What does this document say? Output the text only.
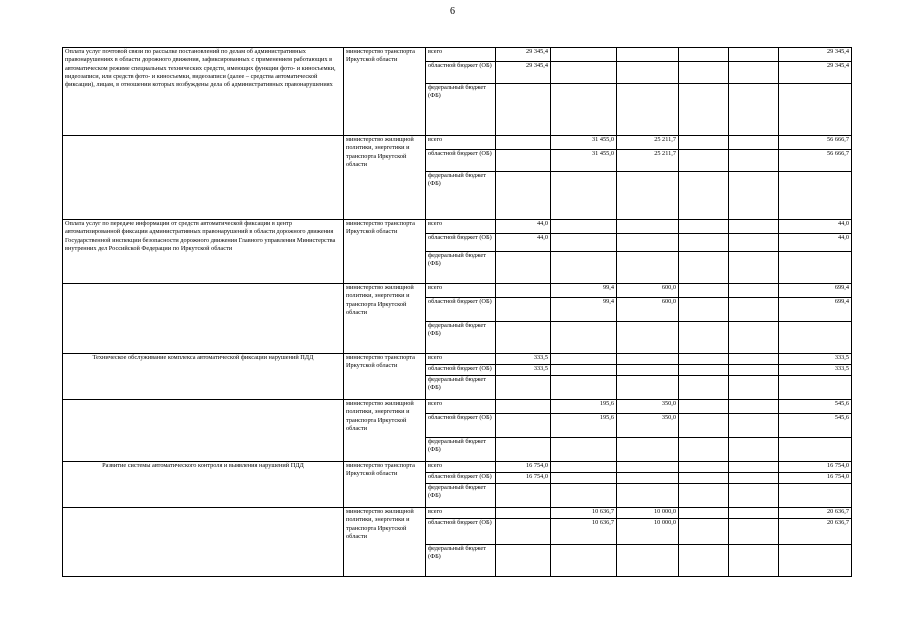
6
Оплата услуг почтовой связи по рассылке постановлений по делам об административных правонарушениях в области дорожного движения, зафиксированных с применением работающих в автоматическом режиме специальных технических средств, имеющих функции фото- и киносъемки, видеозаписи, или средств фото- и киносъемки, видеозаписи (далее – средства автоматической фиксации), лицам, в отношении которых возбуждены дела об административных правонарушениях	министерство транспорта Иркутской области	всего	29 345,4					29 345,4
		областной бюджет (ОБ)	29 345,4					29 345,4
		федеральный бюджет (ФБ)						
	министерство жилищной политики, энергетики и транспорта Иркутской области	всего		31 455,0	25 211,7			56 666,7
		областной бюджет (ОБ)		31 455,0	25 211,7			56 666,7
		федеральный бюджет (ФБ)						
Оплата услуг по передаче информации от средств автоматической фиксации в центр автоматизированной фиксации административных правонарушений в области дорожного движения Государственной инспекции безопасности дорожного движения Главного управления Министерства внутренних дел Российской Федерации по Иркутской области	министерство транспорта Иркутской области	всего	44,0					44,0
		областной бюджет (ОБ)	44,0					44,0
		федеральный бюджет (ФБ)						
	министерство жилищной политики, энергетики и транспорта Иркутской области	всего		99,4	600,0			699,4
		областной бюджет (ОБ)		99,4	600,0			699,4
		федеральный бюджет (ФБ)						
Техническое обслуживание комплекса автоматической фиксации нарушений ПДД	министерство транспорта Иркутской области	всего	333,5					333,5
		областной бюджет (ОБ)	333,5					333,5
		федеральный бюджет (ФБ)						
	министерство жилищной политики, энергетики и транспорта Иркутской области	всего		195,6	350,0			545,6
		областной бюджет (ОБ)		195,6	350,0			545,6
		федеральный бюджет (ФБ)						
Развитие системы автоматического контроля и выявления нарушений ПДД	министерство транспорта Иркутской области	всего	16 754,0					16 754,0
		областной бюджет (ОБ)	16 754,0					16 754,0
		федеральный бюджет (ФБ)						
	министерство жилищной политики, энергетики и транспорта Иркутской области	всего		10 636,7	10 000,0			20 636,7
		областной бюджет (ОБ)		10 636,7	10 000,0			20 636,7
		федеральный бюджет (ФБ)						
